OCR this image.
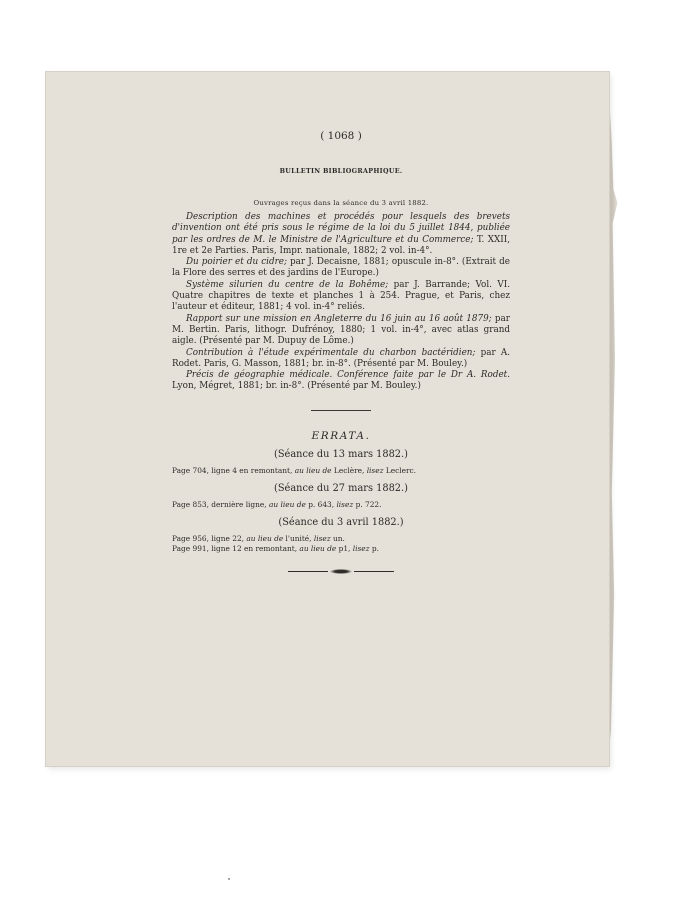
( 1068 )
BULLETIN BIBLIOGRAPHIQUE.
Ouvrages reçus dans la séance du 3 avril 1882.

Description des machines et procédés pour lesquels des brevets d'invention ont été pris sous le régime de la loi du 5 juillet 1844, publiée par les ordres de M. le Ministre de l'Agriculture et du Commerce; T. XXII, 1re et 2e Parties. Paris, Impr. nationale, 1882; 2 vol. in-4°.

Du poirier et du cidre; par J. Decaisne, 1881; opuscule in-8°. (Extrait de la Flore des serres et des jardins de l'Europe.)

Système silurien du centre de la Bohême; par J. Barrande; Vol. VI. Quatre chapitres de texte et planches 1 à 254. Prague, et Paris, chez l'auteur et éditeur, 1881; 4 vol. in-4° reliés.

Rapport sur une mission en Angleterre du 16 juin au 16 août 1879; par M. Bertin. Paris, lithogr. Dufrénoy, 1880; 1 vol. in-4°, avec atlas grand aigle. (Présenté par M. Dupuy de Lôme.)

Contribution à l'étude expérimentale du charbon bactéridien; par A. Rodet. Paris, G. Masson, 1881; br. in-8°. (Présenté par M. Bouley.)

Précis de géographie médicale. Conférence faite par le Dr A. Rodet. Lyon, Mégret, 1881; br. in-8°. (Présenté par M. Bouley.)

ERRATA.
(Séance du 13 mars 1882.)
Page 704, ligne 4 en remontant, au lieu de Leclère, lisez Leclerc.
(Séance du 27 mars 1882.)
Page 853, dernière ligne, au lieu de p. 643, lisez p. 722.
(Séance du 3 avril 1882.)
Page 956, ligne 22, au lieu de l'unité, lisez un.
Page 991, ligne 12 en remontant, au lieu de p1, lisez p.
